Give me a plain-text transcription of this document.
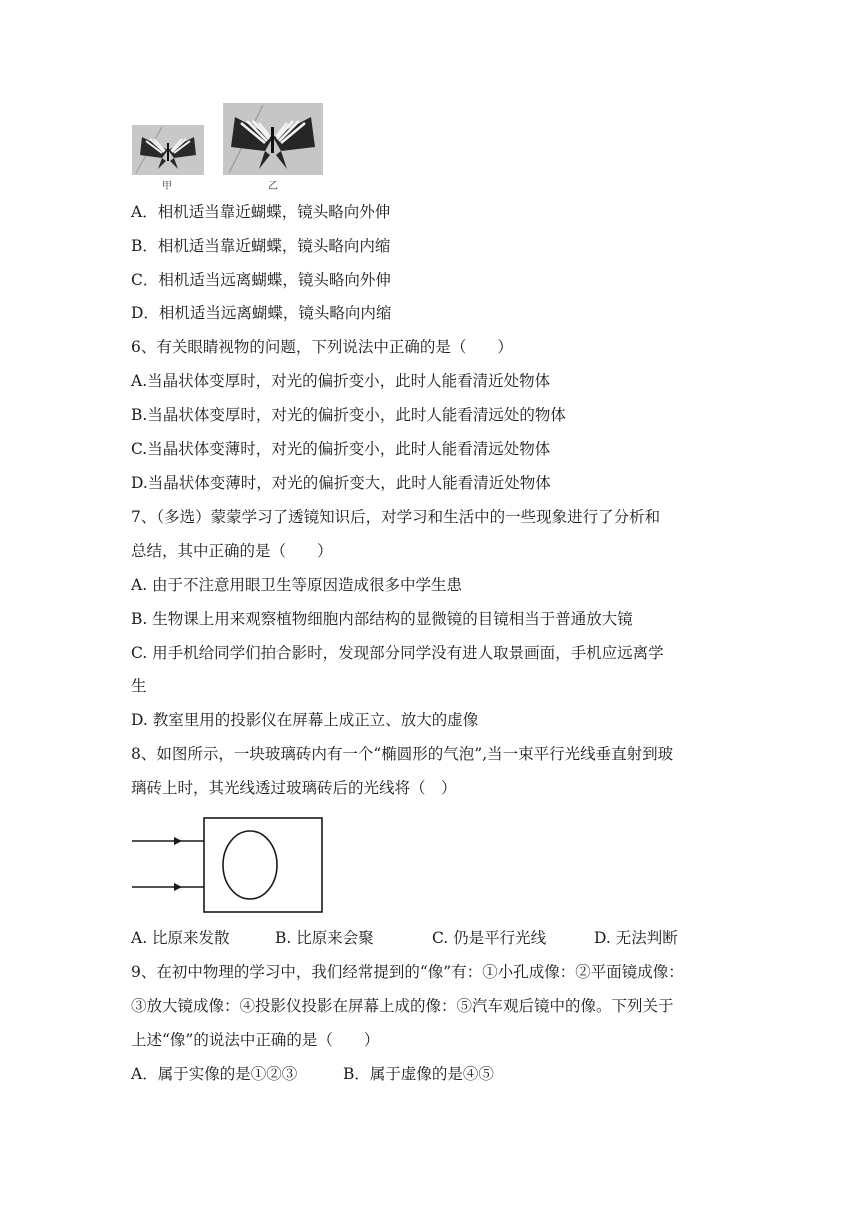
甲	乙
A．相机适当靠近蝴蝶，镜头略向外伸
B．相机适当靠近蝴蝶，镜头略向内缩
C．相机适当远离蝴蝶，镜头略向外伸
D．相机适当远离蝴蝶，镜头略向内缩
6、有关眼睛视物的问题，下列说法中正确的是（　　）
A.当晶状体变厚时，对光的偏折变小，此时人能看清近处物体
B.当晶状体变厚时，对光的偏折变小，此时人能看清远处的物体
C.当晶状体变薄时，对光的偏折变小，此时人能看清远处物体
D.当晶状体变薄时，对光的偏折变大，此时人能看清近处物体
7、（多选）蒙蒙学习了透镜知识后，对学习和生活中的一些现象进行了分析和
总结，其中正确的是（　　）
A. 由于不注意用眼卫生等原因造成很多中学生患
B. 生物课上用来观察植物细胞内部结构的显微镜的目镜相当于普通放大镜
C. 用手机给同学们拍合影时，发现部分同学没有进人取景画面，手机应远离学
生
D. 教室里用的投影仪在屏幕上成正立、放大的虚像
8、如图所示，一块玻璃砖内有一个“椭圆形的气泡”,当一束平行光线垂直射到玻
璃砖上时，其光线透过玻璃砖后的光线将（　）
A. 比原来发散	B. 比原来会聚	C. 仍是平行光线	D. 无法判断
9、在初中物理的学习中，我们经常提到的“像”有：①小孔成像：②平面镜成像：
③放大镜成像：④投影仪投影在屏幕上成的像：⑤汽车观后镜中的像。下列关于
上述“像”的说法中正确的是（　　）
A．属于实像的是①②③	B．属于虚像的是④⑤
